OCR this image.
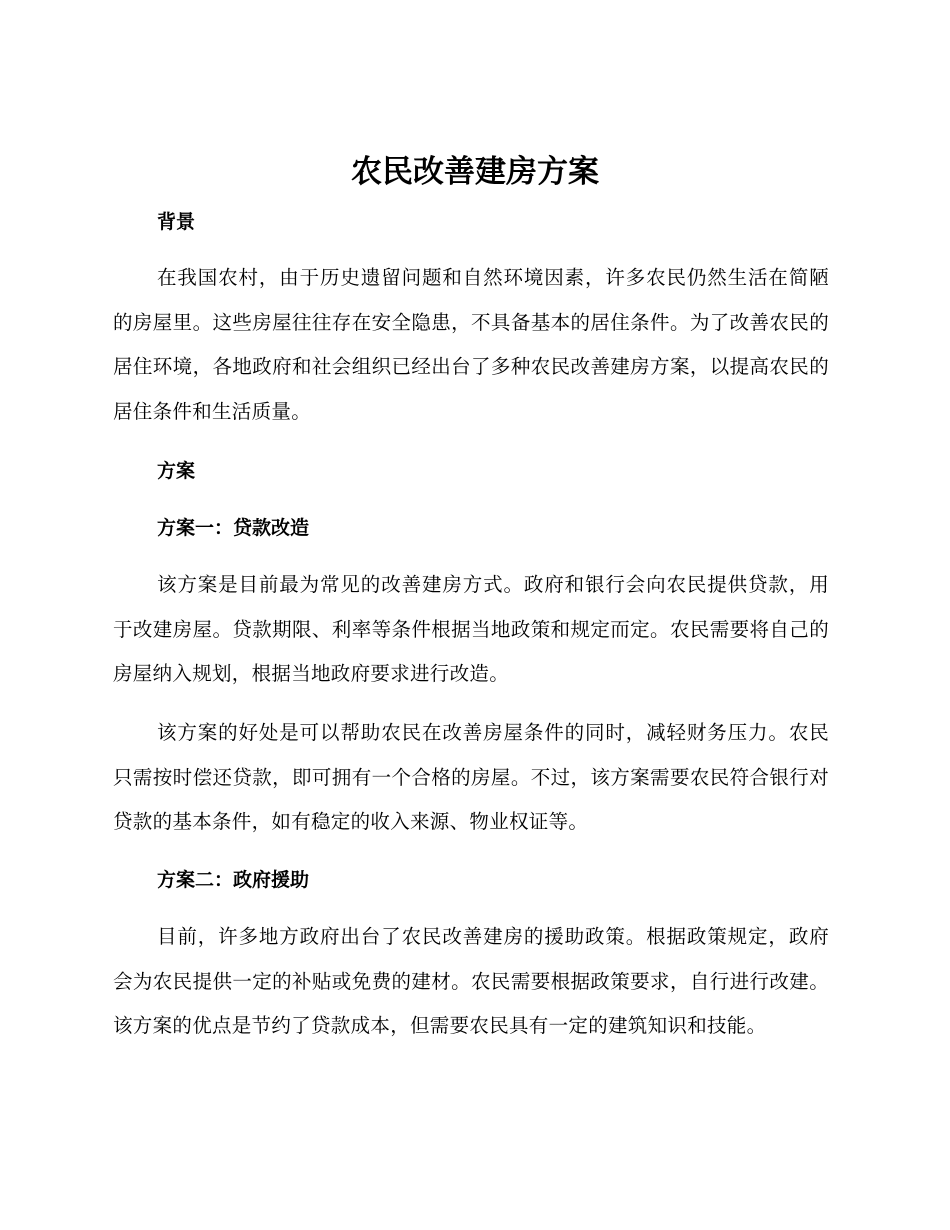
农民改善建房方案
背景
在我国农村，由于历史遗留问题和自然环境因素，许多农民仍然生活在简陋的房屋里。这些房屋往往存在安全隐患，不具备基本的居住条件。为了改善农民的居住环境，各地政府和社会组织已经出台了多种农民改善建房方案，以提高农民的居住条件和生活质量。
方案
方案一：贷款改造
该方案是目前最为常见的改善建房方式。政府和银行会向农民提供贷款，用于改建房屋。贷款期限、利率等条件根据当地政策和规定而定。农民需要将自己的房屋纳入规划，根据当地政府要求进行改造。
该方案的好处是可以帮助农民在改善房屋条件的同时，减轻财务压力。农民只需按时偿还贷款，即可拥有一个合格的房屋。不过，该方案需要农民符合银行对贷款的基本条件，如有稳定的收入来源、物业权证等。
方案二：政府援助
目前，许多地方政府出台了农民改善建房的援助政策。根据政策规定，政府会为农民提供一定的补贴或免费的建材。农民需要根据政策要求，自行进行改建。该方案的优点是节约了贷款成本，但需要农民具有一定的建筑知识和技能。
